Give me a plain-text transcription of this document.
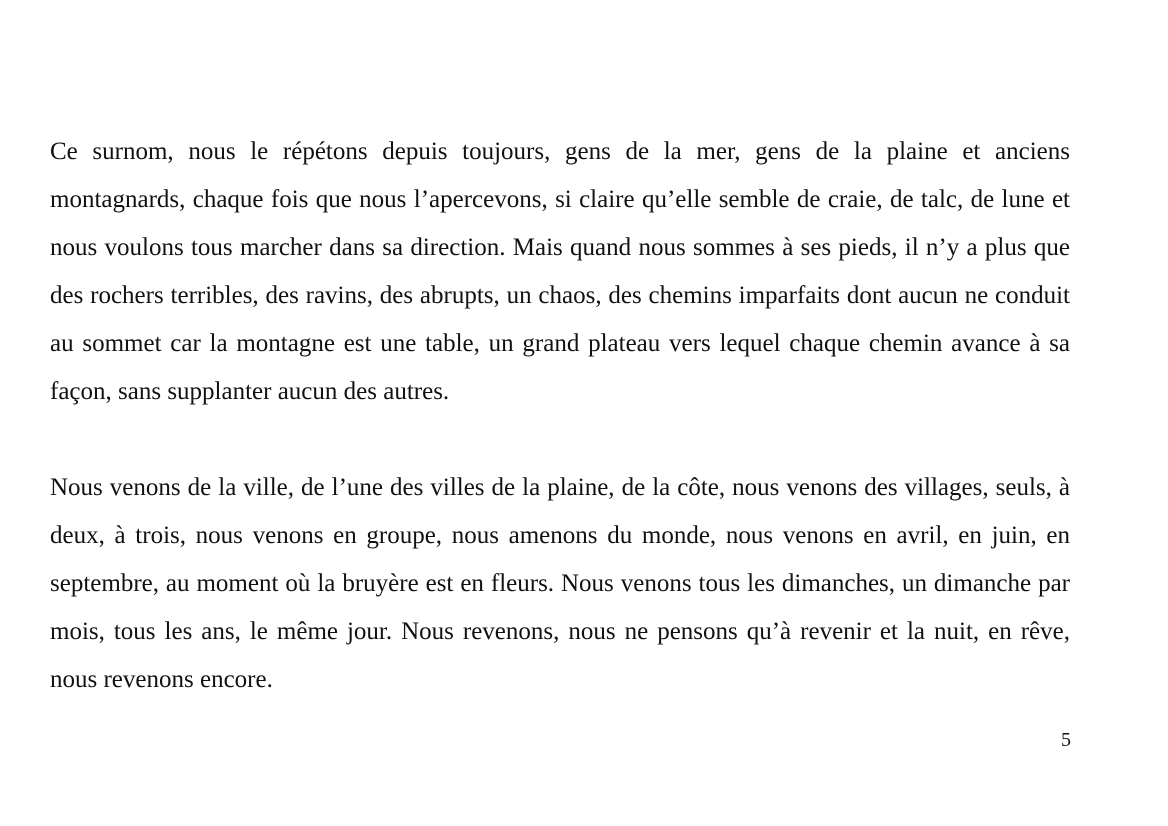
Ce surnom, nous le répétons depuis toujours, gens de la mer, gens de la plaine et anciens montagnards, chaque fois que nous l’apercevons, si claire qu’elle semble de craie, de talc, de lune et nous voulons tous marcher dans sa direction. Mais quand nous sommes à ses pieds, il n’y a plus que des rochers terribles, des ravins, des abrupts, un chaos, des chemins imparfaits dont aucun ne conduit au sommet car la montagne est une table, un grand plateau vers lequel chaque chemin avance à sa façon, sans supplanter aucun des autres.

Nous venons de la ville, de l’une des villes de la plaine, de la côte, nous venons des villages, seuls, à deux, à trois, nous venons en groupe, nous amenons du monde, nous venons en avril, en juin, en septembre, au moment où la bruyère est en fleurs. Nous venons tous les dimanches, un dimanche par mois, tous les ans, le même jour. Nous revenons, nous ne pensons qu’à revenir et la nuit, en rêve, nous revenons encore.

5
